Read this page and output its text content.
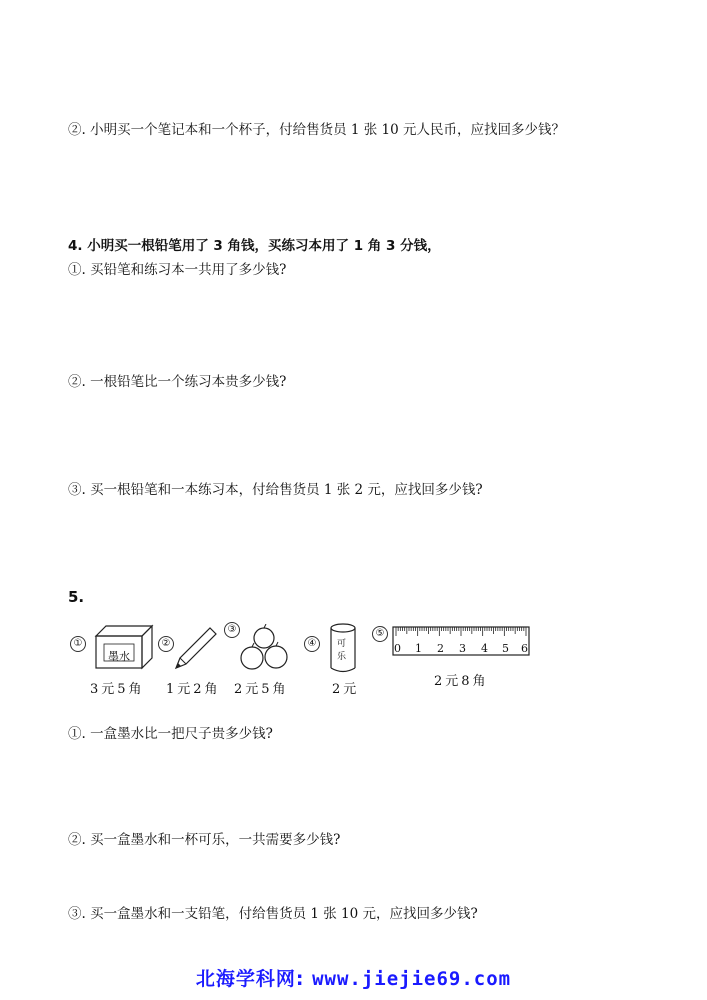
②. 小明买一个笔记本和一个杯子，付给售货员 1 张 10 元人民币，应找回多少钱？
4. 小明买一根铅笔用了 3 角钱，买练习本用了 1 角 3 分钱，
①. 买铅笔和练习本一共用了多少钱?
②. 一根铅笔比一个练习本贵多少钱?
③. 买一根铅笔和一本练习本，付给售货员 1 张 2 元，应找回多少钱?
5.
①
墨水
3元5角
②
1元2角
③
2元5角
④	可乐
2元
⑤
0 1 2 3 4 5 6
2元8角
①. 一盒墨水比一把尺子贵多少钱?
②. 买一盒墨水和一杯可乐，一共需要多少钱?
③. 买一盒墨水和一支铅笔，付给售货员 1 张 10 元，应找回多少钱?
北海学科网: www.jiejie69.com
